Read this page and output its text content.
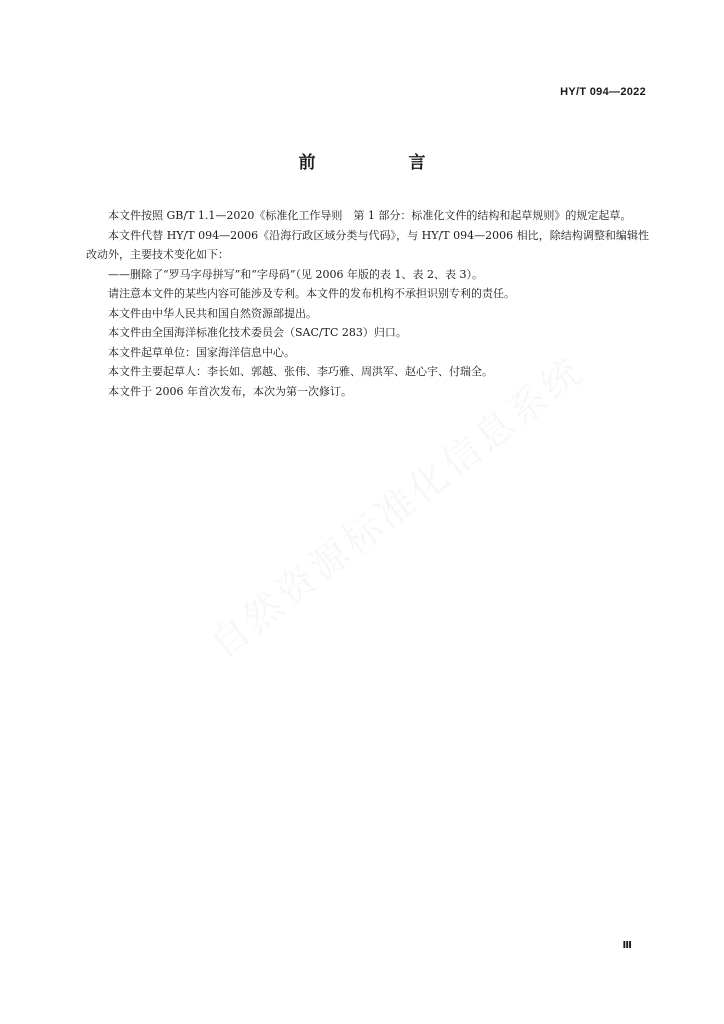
HY/T 094—2022
前　言

本文件按照 GB/T 1.1—2020《标准化工作导则　第 1 部分：标准化文件的结构和起草规则》的规定起草。

本文件代替 HY/T 094—2006《沿海行政区域分类与代码》，与 HY/T 094—2006 相比，除结构调整和编辑性改动外，主要技术变化如下：

——删除了“罗马字母拼写”和“字母码”（见 2006 年版的表 1、表 2、表 3）。

请注意本文件的某些内容可能涉及专利。本文件的发布机构不承担识别专利的责任。

本文件由中华人民共和国自然资源部提出。

本文件由全国海洋标准化技术委员会（SAC/TC 283）归口。

本文件起草单位：国家海洋信息中心。

本文件主要起草人：李长如、郭越、张伟、李巧雅、周洪军、赵心宇、付瑞全。

本文件于 2006 年首次发布，本次为第一次修订。

Ⅲ
